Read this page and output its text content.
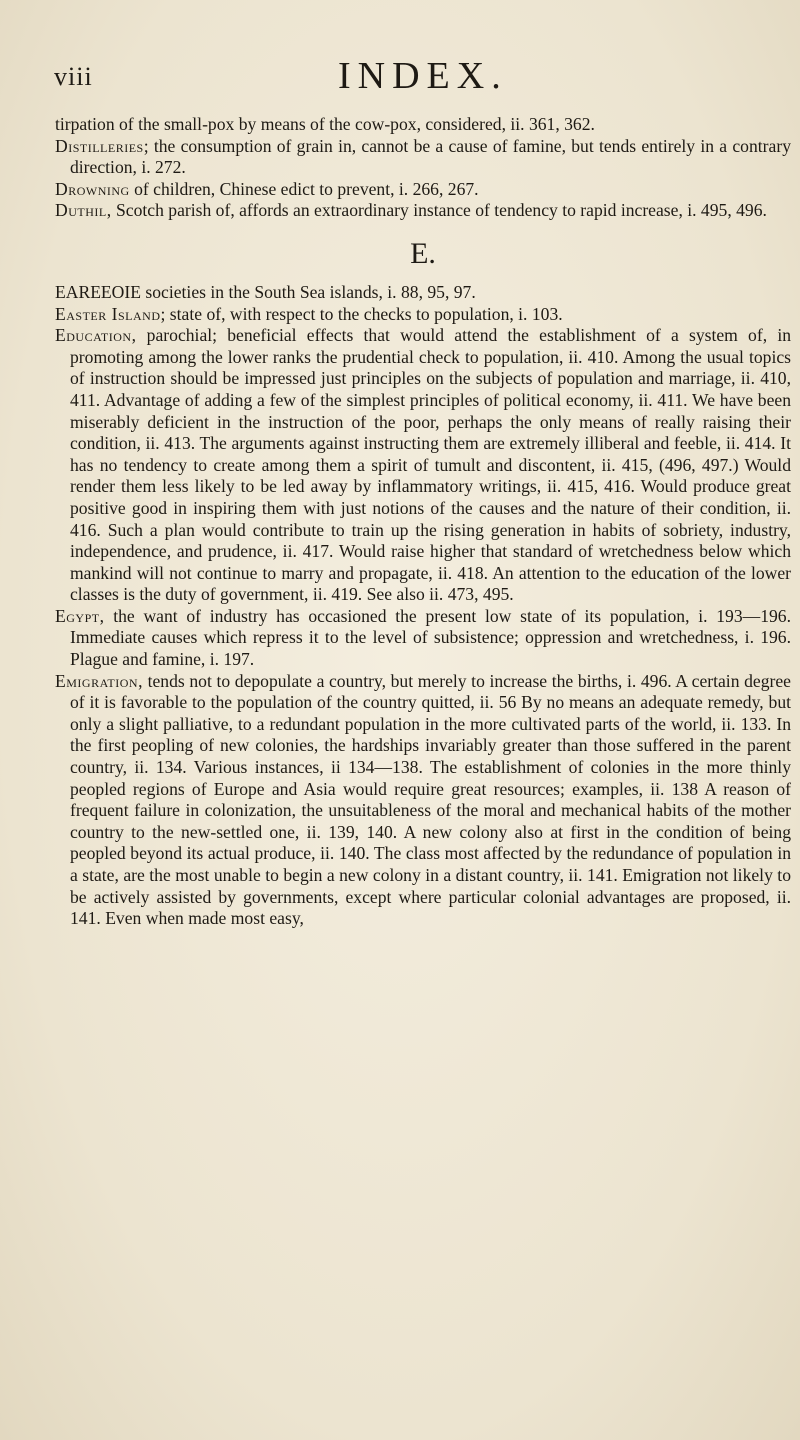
viii	INDEX.

tirpation of the small-pox by means of the cow-pox, considered, ii. 361, 362.

Distilleries; the consumption of grain in, cannot be a cause of famine, but tends entirely in a contrary direction, i. 272.

Drowning of children, Chinese edict to prevent, i. 266, 267.

Duthil, Scotch parish of, affords an extraordinary instance of tendency to rapid increase, i. 495, 496.

E.

EAREEOIE societies in the South Sea islands, i. 88, 95, 97.

Easter Island; state of, with respect to the checks to population, i. 103.

Education, parochial; beneficial effects that would attend the establishment of a system of, in promoting among the lower ranks the prudential check to population, ii. 410. Among the usual topics of instruction should be impressed just principles on the subjects of population and marriage, ii. 410, 411. Advantage of adding a few of the simplest principles of political economy, ii. 411. We have been miserably deficient in the instruction of the poor, perhaps the only means of really raising their condition, ii. 413. The arguments against instructing them are extremely illiberal and feeble, ii. 414. It has no tendency to create among them a spirit of tumult and discontent, ii. 415, (496, 497.) Would render them less likely to be led away by inflammatory writings, ii. 415, 416. Would produce great positive good in inspiring them with just notions of the causes and the nature of their condition, ii. 416. Such a plan would contribute to train up the rising generation in habits of sobriety, industry, independence, and prudence, ii. 417. Would raise higher that standard of wretchedness below which mankind will not continue to marry and propagate, ii. 418. An attention to the education of the lower classes is the duty of government, ii. 419. See also ii. 473, 495.

Egypt, the want of industry has occasioned the present low state of its population, i. 193—196. Immediate causes which repress it to the level of subsistence; oppression and wretchedness, i. 196. Plague and famine, i. 197.

Emigration, tends not to depopulate a country, but merely to increase the births, i. 496. A certain degree of it is favorable to the population of the country quitted, ii. 56 By no means an adequate remedy, but only a slight palliative, to a redundant population in the more cultivated parts of the world, ii. 133. In the first peopling of new colonies, the hardships invariably greater than those suffered in the parent country, ii. 134. Various instances, ii 134—138. The establishment of colonies in the more thinly peopled regions of Europe and Asia would require great resources; examples, ii. 138 A reason of frequent failure in colonization, the unsuitableness of the moral and mechanical habits of the mother country to the new-settled one, ii. 139, 140. A new colony also at first in the condition of being peopled beyond its actual produce, ii. 140. The class most affected by the redundance of population in a state, are the most unable to begin a new colony in a distant country, ii. 141. Emigration not likely to be actively assisted by governments, except where particular colonial advantages are proposed, ii. 141. Even when made most easy,
